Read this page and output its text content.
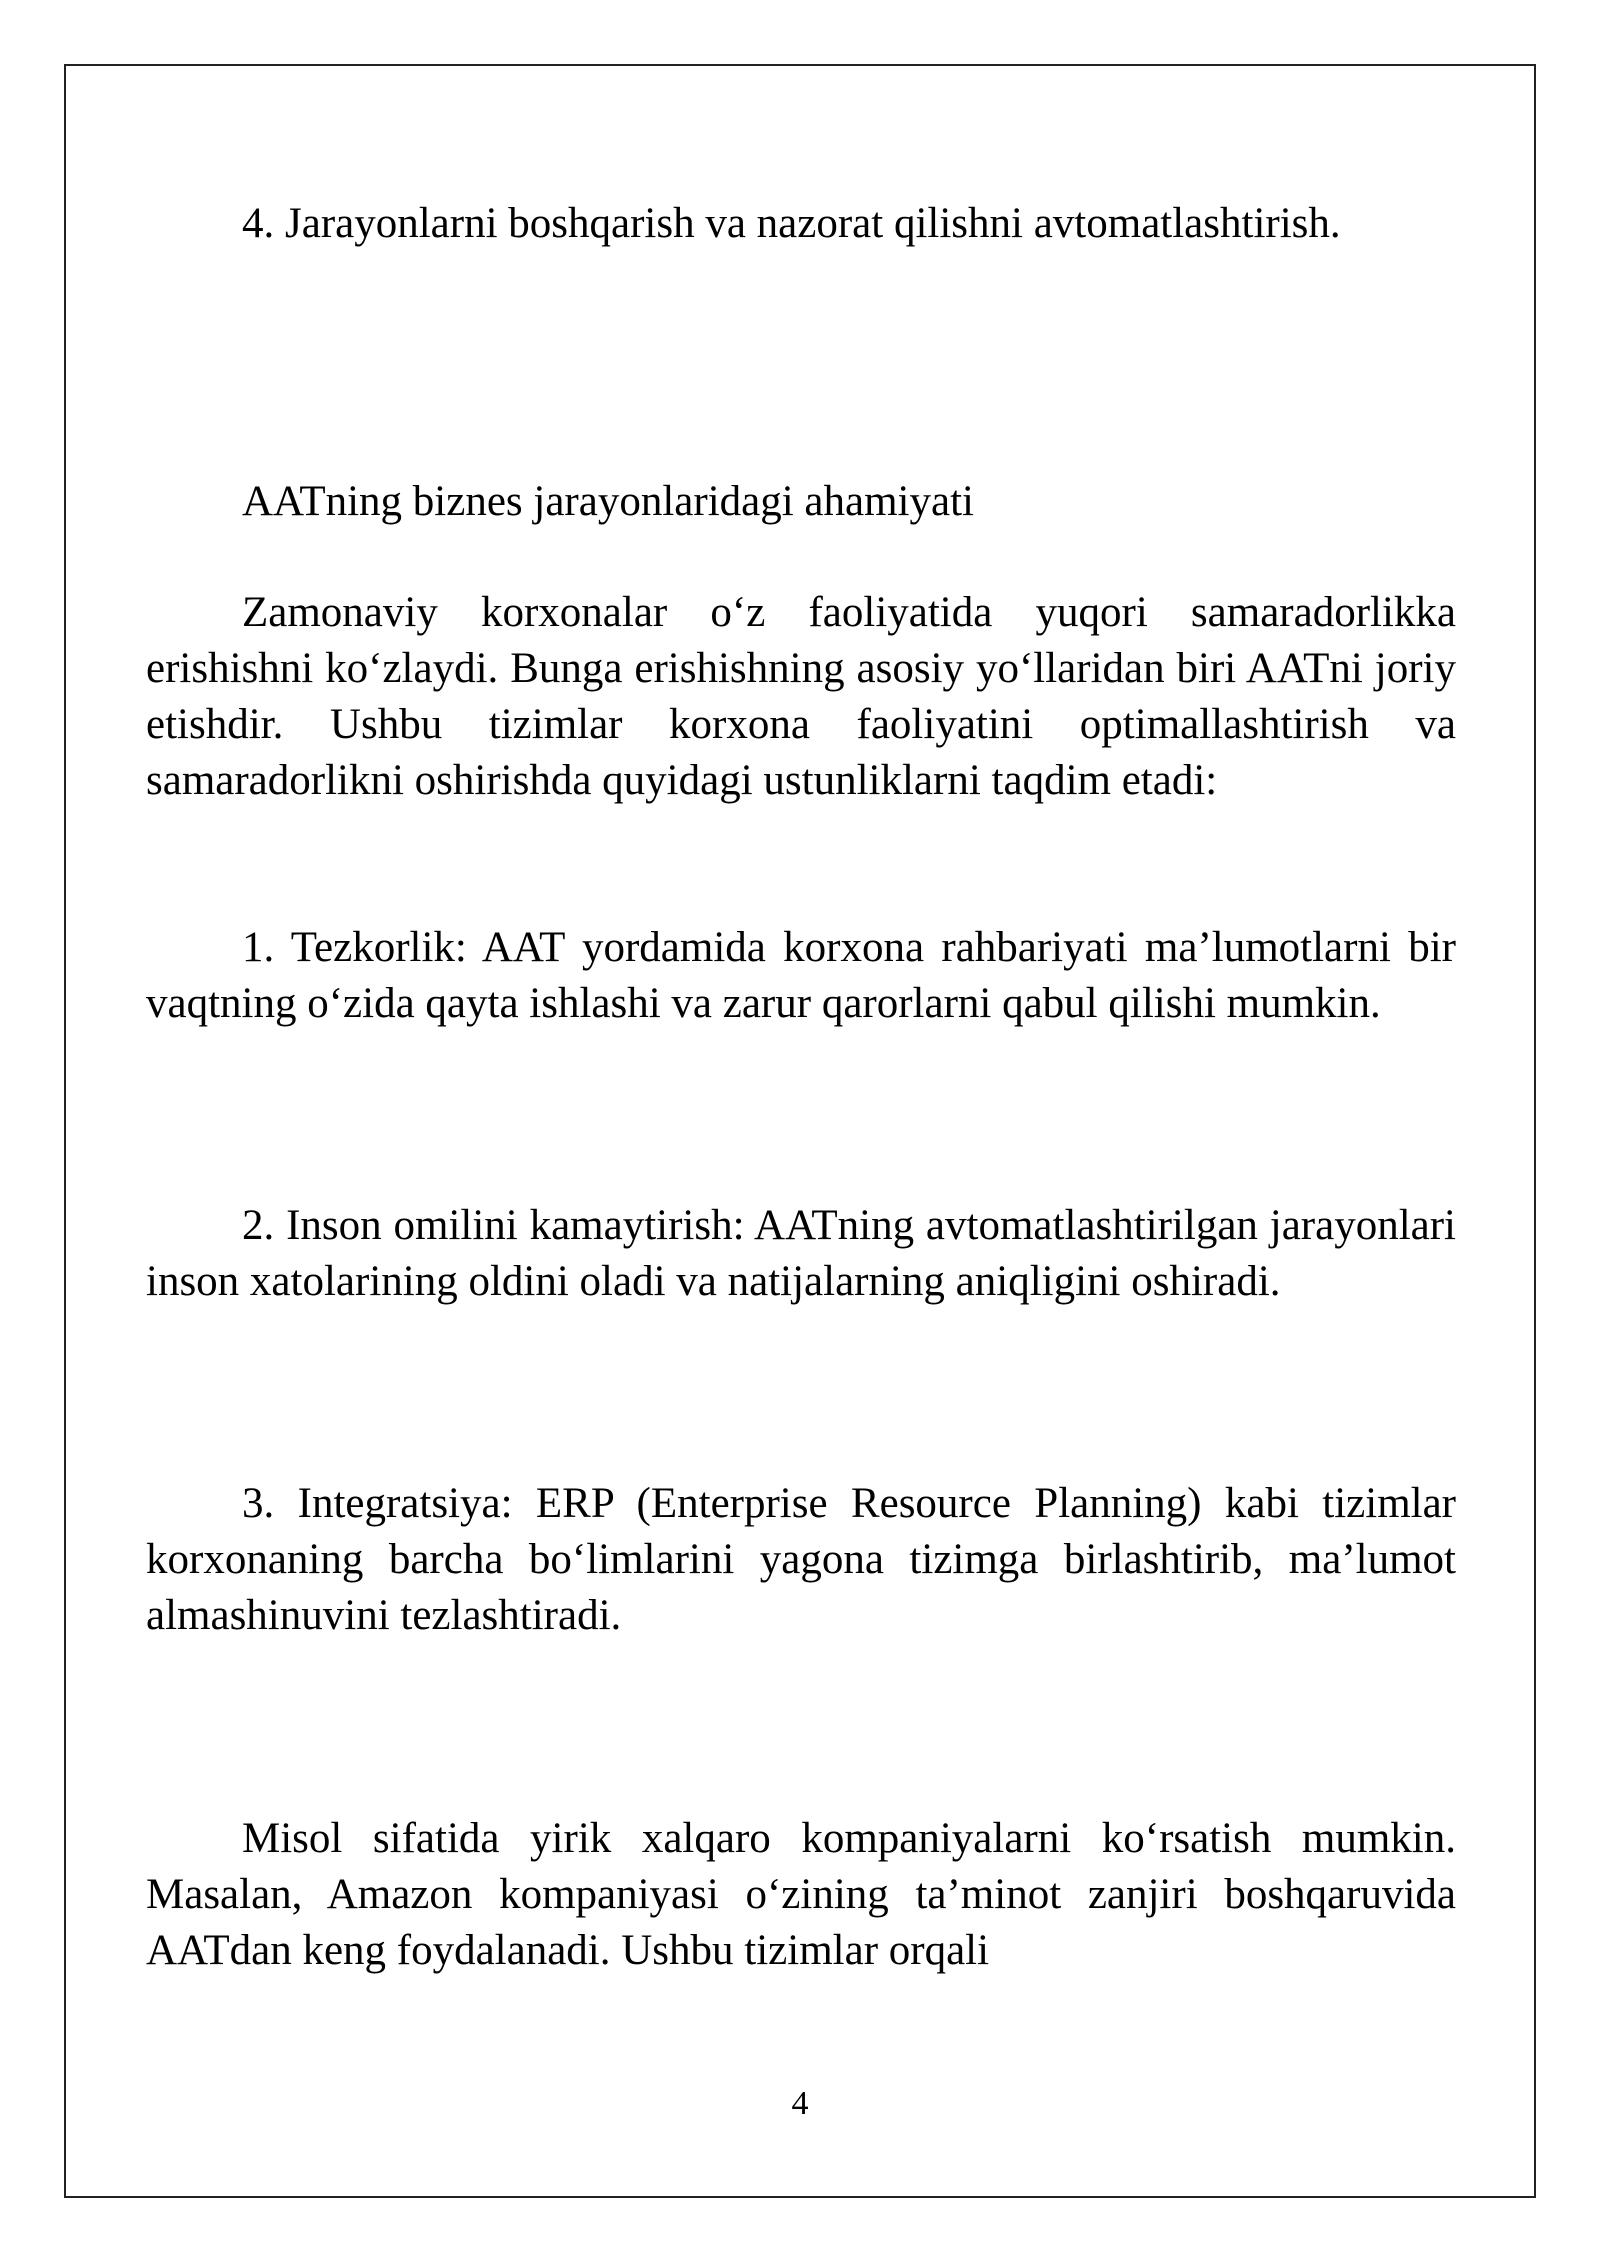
4. Jarayonlarni boshqarish va nazorat qilishni avtomatlashtirish.

AATning biznes jarayonlaridagi ahamiyati

Zamonaviy korxonalar o‘z faoliyatida yuqori samaradorlikka erishishni ko‘zlaydi. Bunga erishishning asosiy yo‘llaridan biri AATni joriy etishdir. Ushbu tizimlar korxona faoliyatini optimallashtirish va samaradorlikni oshirishda quyidagi ustunliklarni taqdim etadi:

1. Tezkorlik: AAT yordamida korxona rahbariyati ma’lumotlarni bir vaqtning o‘zida qayta ishlashi va zarur qarorlarni qabul qilishi mumkin.

2. Inson omilini kamaytirish: AATning avtomatlashtirilgan jarayonlari inson xatolarining oldini oladi va natijalarning aniqligini oshiradi.

3. Integratsiya: ERP (Enterprise Resource Planning) kabi tizimlar korxonaning barcha bo‘limlarini yagona tizimga birlashtirib, ma’lumot almashinuvini tezlashtiradi.

Misol sifatida yirik xalqaro kompaniyalarni ko‘rsatish mumkin. Masalan, Amazon kompaniyasi o‘zining ta’minot zanjiri boshqaruvida AATdan keng foydalanadi. Ushbu tizimlar orqali

4
